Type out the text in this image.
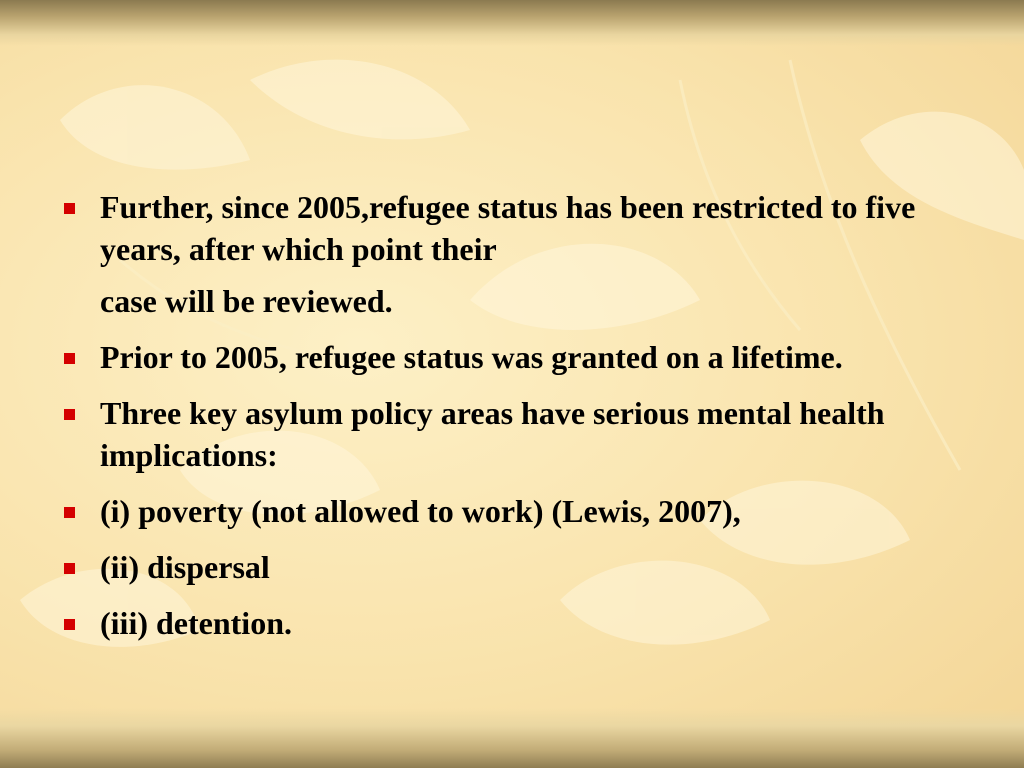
Further, since 2005,refugee status has been restricted to five years, after which point their
case will be reviewed.
Prior to 2005, refugee status was granted on a lifetime.
Three key asylum policy areas have serious mental health implications:
(i) poverty (not allowed to work) (Lewis, 2007),
(ii) dispersal
(iii) detention.
